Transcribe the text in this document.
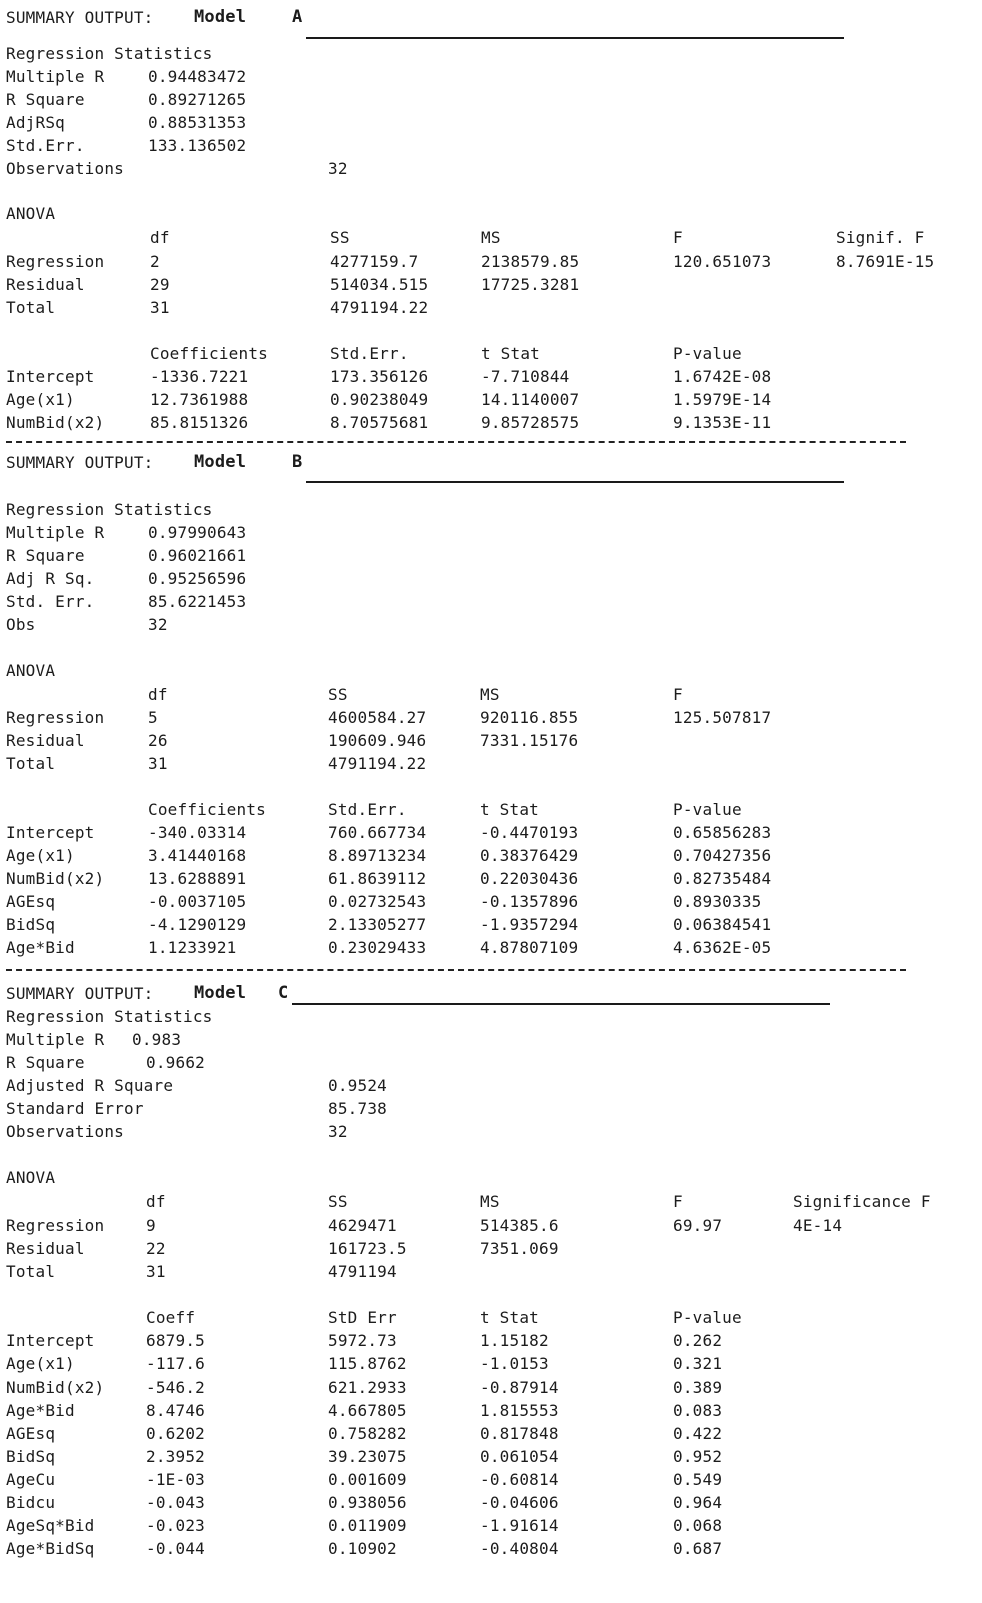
SUMMARY OUTPUT: Model	A
Regression Statistics
Multiple R	0.94483472
R Square	0.89271265
AdjRSq	0.88531353
Std.Err.	133.136502
Observations	32
ANOVA
df	SS	MS	F	Signif. F
Regression	2	4277159.7	2138579.85	120.651073	8.7691E-15
Residual	29	514034.515	17725.3281
Total	31	4791194.22
Coefficients	Std.Err.	t Stat	P-value
Intercept	-1336.7221	173.356126	-7.710844	1.6742E-08
Age(x1)	12.7361988	0.90238049	14.1140007	1.5979E-14
NumBid(x2)	85.8151326	8.70575681	9.85728575	9.1353E-11
SUMMARY OUTPUT: Model	B
Regression Statistics
Multiple R	0.97990643
R Square	0.96021661
Adj R Sq.	0.95256596
Std. Err.	85.6221453
Obs	32
ANOVA
df	SS	MS	F
Regression	5	4600584.27	920116.855	125.507817
Residual	26	190609.946	7331.15176
Total	31	4791194.22
Coefficients	Std.Err.	t Stat	P-value
Intercept	-340.03314	760.667734	-0.4470193	0.65856283
Age(x1)	3.41440168	8.89713234	0.38376429	0.70427356
NumBid(x2)	13.6288891	61.8639112	0.22030436	0.82735484
AGEsq	-0.0037105	0.02732543	-0.1357896	0.8930335
BidSq	-4.1290129	2.13305277	-1.9357294	0.06384541
Age*Bid	1.1233921	0.23029433	4.87807109	4.6362E-05
SUMMARY OUTPUT: Model C
Regression Statistics
Multiple R 0.983
R Square	0.9662
Adjusted R Square	0.9524
Standard Error	85.738
Observations	32
ANOVA
df	SS	MS	F	Significance F
Regression	9	4629471	514385.6	69.97	4E-14
Residual	22	161723.5	7351.069
Total	31	4791194
Coeff	StD Err	t Stat	P-value
Intercept	6879.5	5972.73	1.15182	0.262
Age(x1)	-117.6	115.8762	-1.0153	0.321
NumBid(x2)	-546.2	621.2933	-0.87914	0.389
Age*Bid	8.4746	4.667805	1.815553	0.083
AGEsq	0.6202	0.758282	0.817848	0.422
BidSq	2.3952	39.23075	0.061054	0.952
AgeCu	-1E-03	0.001609	-0.60814	0.549
Bidcu	-0.043	0.938056	-0.04606	0.964
AgeSq*Bid	-0.023	0.011909	-1.91614	0.068
Age*BidSq	-0.044	0.10902	-0.40804	0.687
